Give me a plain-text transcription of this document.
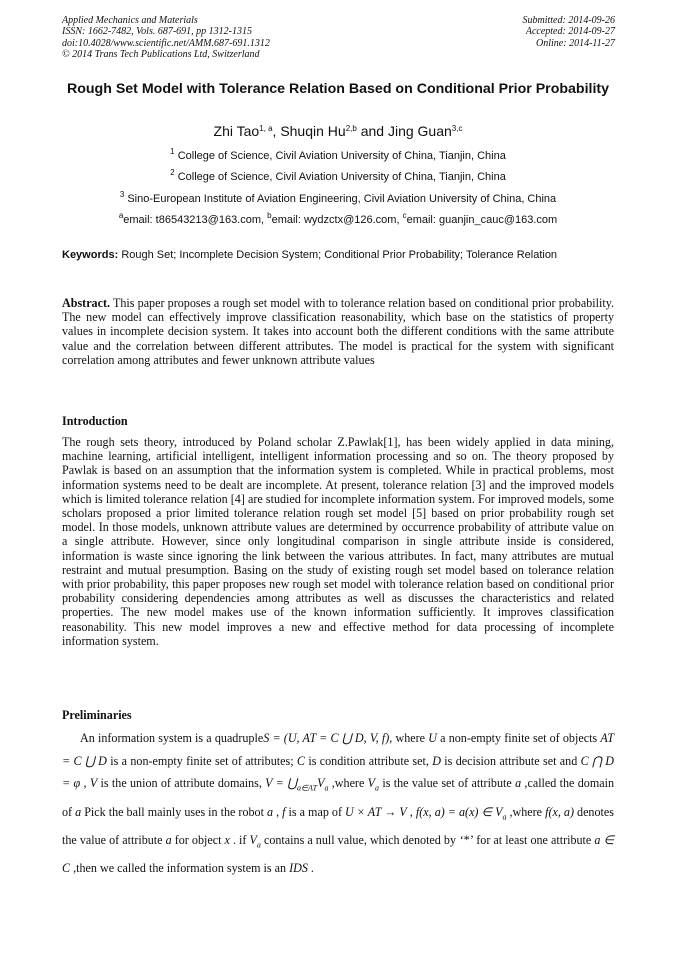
Applied Mechanics and Materials
ISSN: 1662-7482, Vols. 687-691, pp 1312-1315
doi:10.4028/www.scientific.net/AMM.687-691.1312
© 2014 Trans Tech Publications Ltd, Switzerland
Submitted: 2014-09-26
Accepted: 2014-09-27
Online: 2014-11-27
Rough Set Model with Tolerance Relation Based on Conditional Prior Probability
Zhi Tao$^{1, a}$, Shuqin Hu$^{2,b}$ and Jing Guan$^{3,c}$
$^1$ College of Science, Civil Aviation University of China, Tianjin, China
$^2$ College of Science, Civil Aviation University of China, Tianjin, China
$^3$ Sino-European Institute of Aviation Engineering, Civil Aviation University of China, China
$^a$email: t86543213@163.com, $^b$email: wydzctx@126.com, $^c$email: guanjin_cauc@163.com
Keywords: Rough Set; Incomplete Decision System; Conditional Prior Probability; Tolerance Relation
Abstract. This paper proposes a rough set model with to tolerance relation based on conditional prior probability. The new model can effectively improve classification reasonability, which base on the statistics of property values in incomplete decision system. It takes into account both the different conditions with the same attribute value and the correlation between different attributes. The model is practical for the system with significant correlation among attributes and fewer unknown attribute values
Introduction
The rough sets theory, introduced by Poland scholar Z.Pawlak[1], has been widely applied in data mining, machine learning, artificial intelligent, intelligent information processing and so on. The theory proposed by Pawlak is based on an assumption that the information system is completed. While in practical problems, most information systems need to be dealt are incomplete. At present, tolerance relation [3] and the improved models which is limited tolerance relation [4] are studied for incomplete information system. For improved models, some scholars proposed a prior limited tolerance relation rough set model [5] based on prior probability rough set model. In those models, unknown attribute values are determined by occurrence probability of attribute value on a single attribute. However, since only longitudinal comparison in single attribute inside is considered, information is waste since ignoring the link between the various attributes. In fact, many attributes are mutual restraint and mutual presumption. Basing on the study of existing rough set model based on tolerance relation with prior probability, this paper proposes new rough set model with tolerance relation based on conditional prior probability considering dependencies among attributes as well as discusses the characteristics and related properties. The new model makes use of the known information sufficiently. It improves classification reasonability. This new model improves a new and effective method for data processing of incomplete information system.
Preliminaries
An information system is a quadrupleS = (U, AT = C ⋃ D, V, f), where U a non-empty finite set of objects AT = C ⋃ D is a non-empty finite set of attributes; C is condition attribute set, D is decision attribute set and C ⋂ D = φ , V is the union of attribute domains, $V = ⋃_{a\in AT}V_a$ ,where $V_a$ is the value set of attribute a ,called the domain of a Pick the ball mainly uses in the robot a , f is a map of U × AT → V , f(x, a) = a(x) ∈ $V_a$ ,where f(x, a) denotes the value of attribute a for object x . if $V_a$ contains a null value, which denoted by ‘*’ for at least one attribute a ∈ C ,then we called the information system is an IDS .
